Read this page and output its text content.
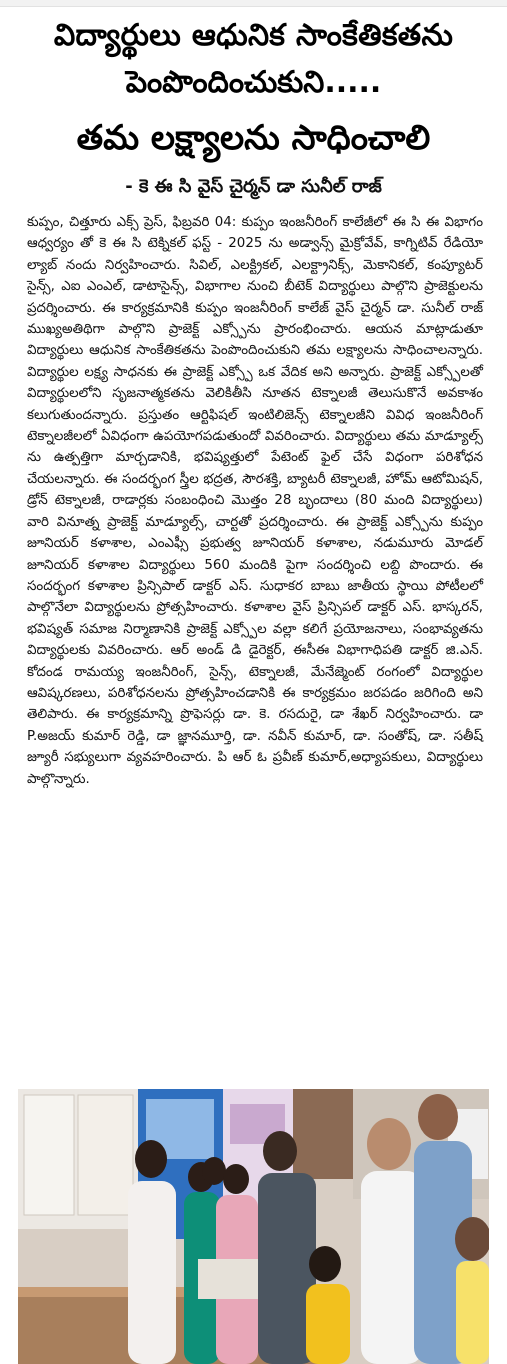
విద్యార్థులు ఆధునిక సాంకేతికతను
పెంపొందించుకుని.....
తమ లక్ష్యాలను సాధించాలి
- కె ఈ సి వైస్ చైర్మన్ డా సునీల్ రాజ్
కుప్పం, చిత్తూరు ఎక్స్ ప్రెస్, ఫిబ్రవరి 04: కుప్పం ఇంజనీరింగ్ కాలేజీలో ఈ సి ఈ విభాగం ఆధ్వర్యం తో కె ఈ సి టెక్నికల్ ఫస్ట్ - 2025 ను అడ్వాన్స్ మైక్రోవేవ్, కాగ్నిటివ్ రేడియో ల్యాబ్ నందు నిర్వహించారు. సివిల్, ఎలక్ట్రికల్, ఎలక్ట్రానిక్స్, మెకానికల్, కంప్యూటర్ సైన్స్, ఎఐ ఎంఎల్, డాటాసైన్స్, విభాగాల నుంచి బీటెక్ విద్యార్థులు పాల్గొని ప్రాజెక్టులను ప్రదర్శించారు. ఈ కార్యక్రమానికి కుప్పం ఇంజనీరింగ్ కాలేజ్ వైస్ చైర్మన్ డా. సునీల్ రాజ్ ముఖ్యఅతిథిగా పాల్గొని ప్రాజెక్ట్ ఎక్స్పోను ప్రారంభించారు. ఆయన మాట్లాడుతూ విద్యార్థులు ఆధునిక సాంకేతికతను పెంపొందించుకుని తమ లక్ష్యాలను సాధించాలన్నారు. విద్యార్థుల లక్ష్య సాధనకు ఈ ప్రాజెక్ట్ ఎక్స్పో ఒక వేదిక అని అన్నారు. ప్రాజెక్ట్ ఎక్స్పోలతో విద్యార్థులలోని సృజనాత్మకతను వెలికితీసి నూతన టెక్నాలజీ తెలుసుకొనే అవకాశం కలుగుతుందన్నారు. ప్రస్తుతం ఆర్టిఫిషల్ ఇంటిలిజెన్స్ టెక్నాలజీని వివిధ ఇంజనీరింగ్ టెక్నాలజీలలో ఏవిధంగా ఉపయోగపడుతుందో వివరించారు. విద్యార్థులు తమ మాడ్యూల్స్ ను ఉత్పత్తిగా మార్చడానికి, భవిష్యత్తులో పేటెంట్ ఫైల్ చేసే విధంగా పరిశోధన చేయలన్నారు. ఈ సందర్భంగ స్త్రీల భద్రత, సౌరశక్తి, బ్యాటరీ టెక్నాలజీ, హోమ్ ఆటోమిషన్, డ్రోన్ టెక్నాలజీ, రాడార్లకు సంబంధించి మొత్తం 28 బృందాలు (80 మంది విద్యార్థులు) వారి వినూత్న ప్రాజెక్ట్ మాడ్యూల్స్, చార్టతో ప్రదర్శించారు. ఈ ప్రాజెక్ట్ ఎక్స్పోను కుప్పం జూనియర్ కళాశాల, ఎంఎఫ్సీ ప్రభుత్వ జూనియర్ కళాశాల, నడుమూరు మోడల్ జూనియర్ కళాశాల విద్యార్థులు 560 మందికి పైగా సందర్శించి లబ్ది పొందారు. ఈ సందర్భంగ కళాశాల ప్రిన్సిపాల్ డాక్టర్ ఎస్. సుధాకర బాబు జాతీయ స్థాయి పోటీలలో పాల్గొనేలా విద్యార్థులను ప్రోత్సహించారు. కళాశాల వైస్ ప్రిన్సిపల్ డాక్టర్ ఎస్. భాస్కరన్, భవిష్యత్ సమాజ నిర్మాణానికి ప్రాజెక్ట్ ఎక్స్పోల వల్లా కలిగే ప్రయోజనాలు, సంభావ్యతను విద్యార్థులకు వివరించారు. ఆర్ అండ్ డి డైరెక్టర్, ఈసీఈ విభాగాధిపతి డాక్టర్ జి.ఎన్. కోదండ రామయ్య ఇంజనీరింగ్, సైన్స్, టెక్నాలజీ, మేనేజ్మెంట్ రంగంలో విద్యార్థుల ఆవిష్కరణలు, పరిశోధనలను ప్రోత్సహించడానికి ఈ కార్యక్రమం జరపడం జరిగింది అని తెలిపారు. ఈ కార్యక్రమాన్ని ప్రొఫెసర్లు డా. కె. రసదురై, డా శేఖర్ నిర్వహించారు. డా P.అజయ్ కుమార్ రెడ్డి, డా జ్ఞానమూర్తి, డా. నవీన్ కుమార్, డా. సంతోష్, డా. సతీష్ జ్యూరీ సభ్యులుగా వ్యవహరించారు. పి ఆర్ ఓ ప్రవీణ్ కుమార్,అధ్యాపకులు, విద్యార్థులు పాల్గొన్నారు.
